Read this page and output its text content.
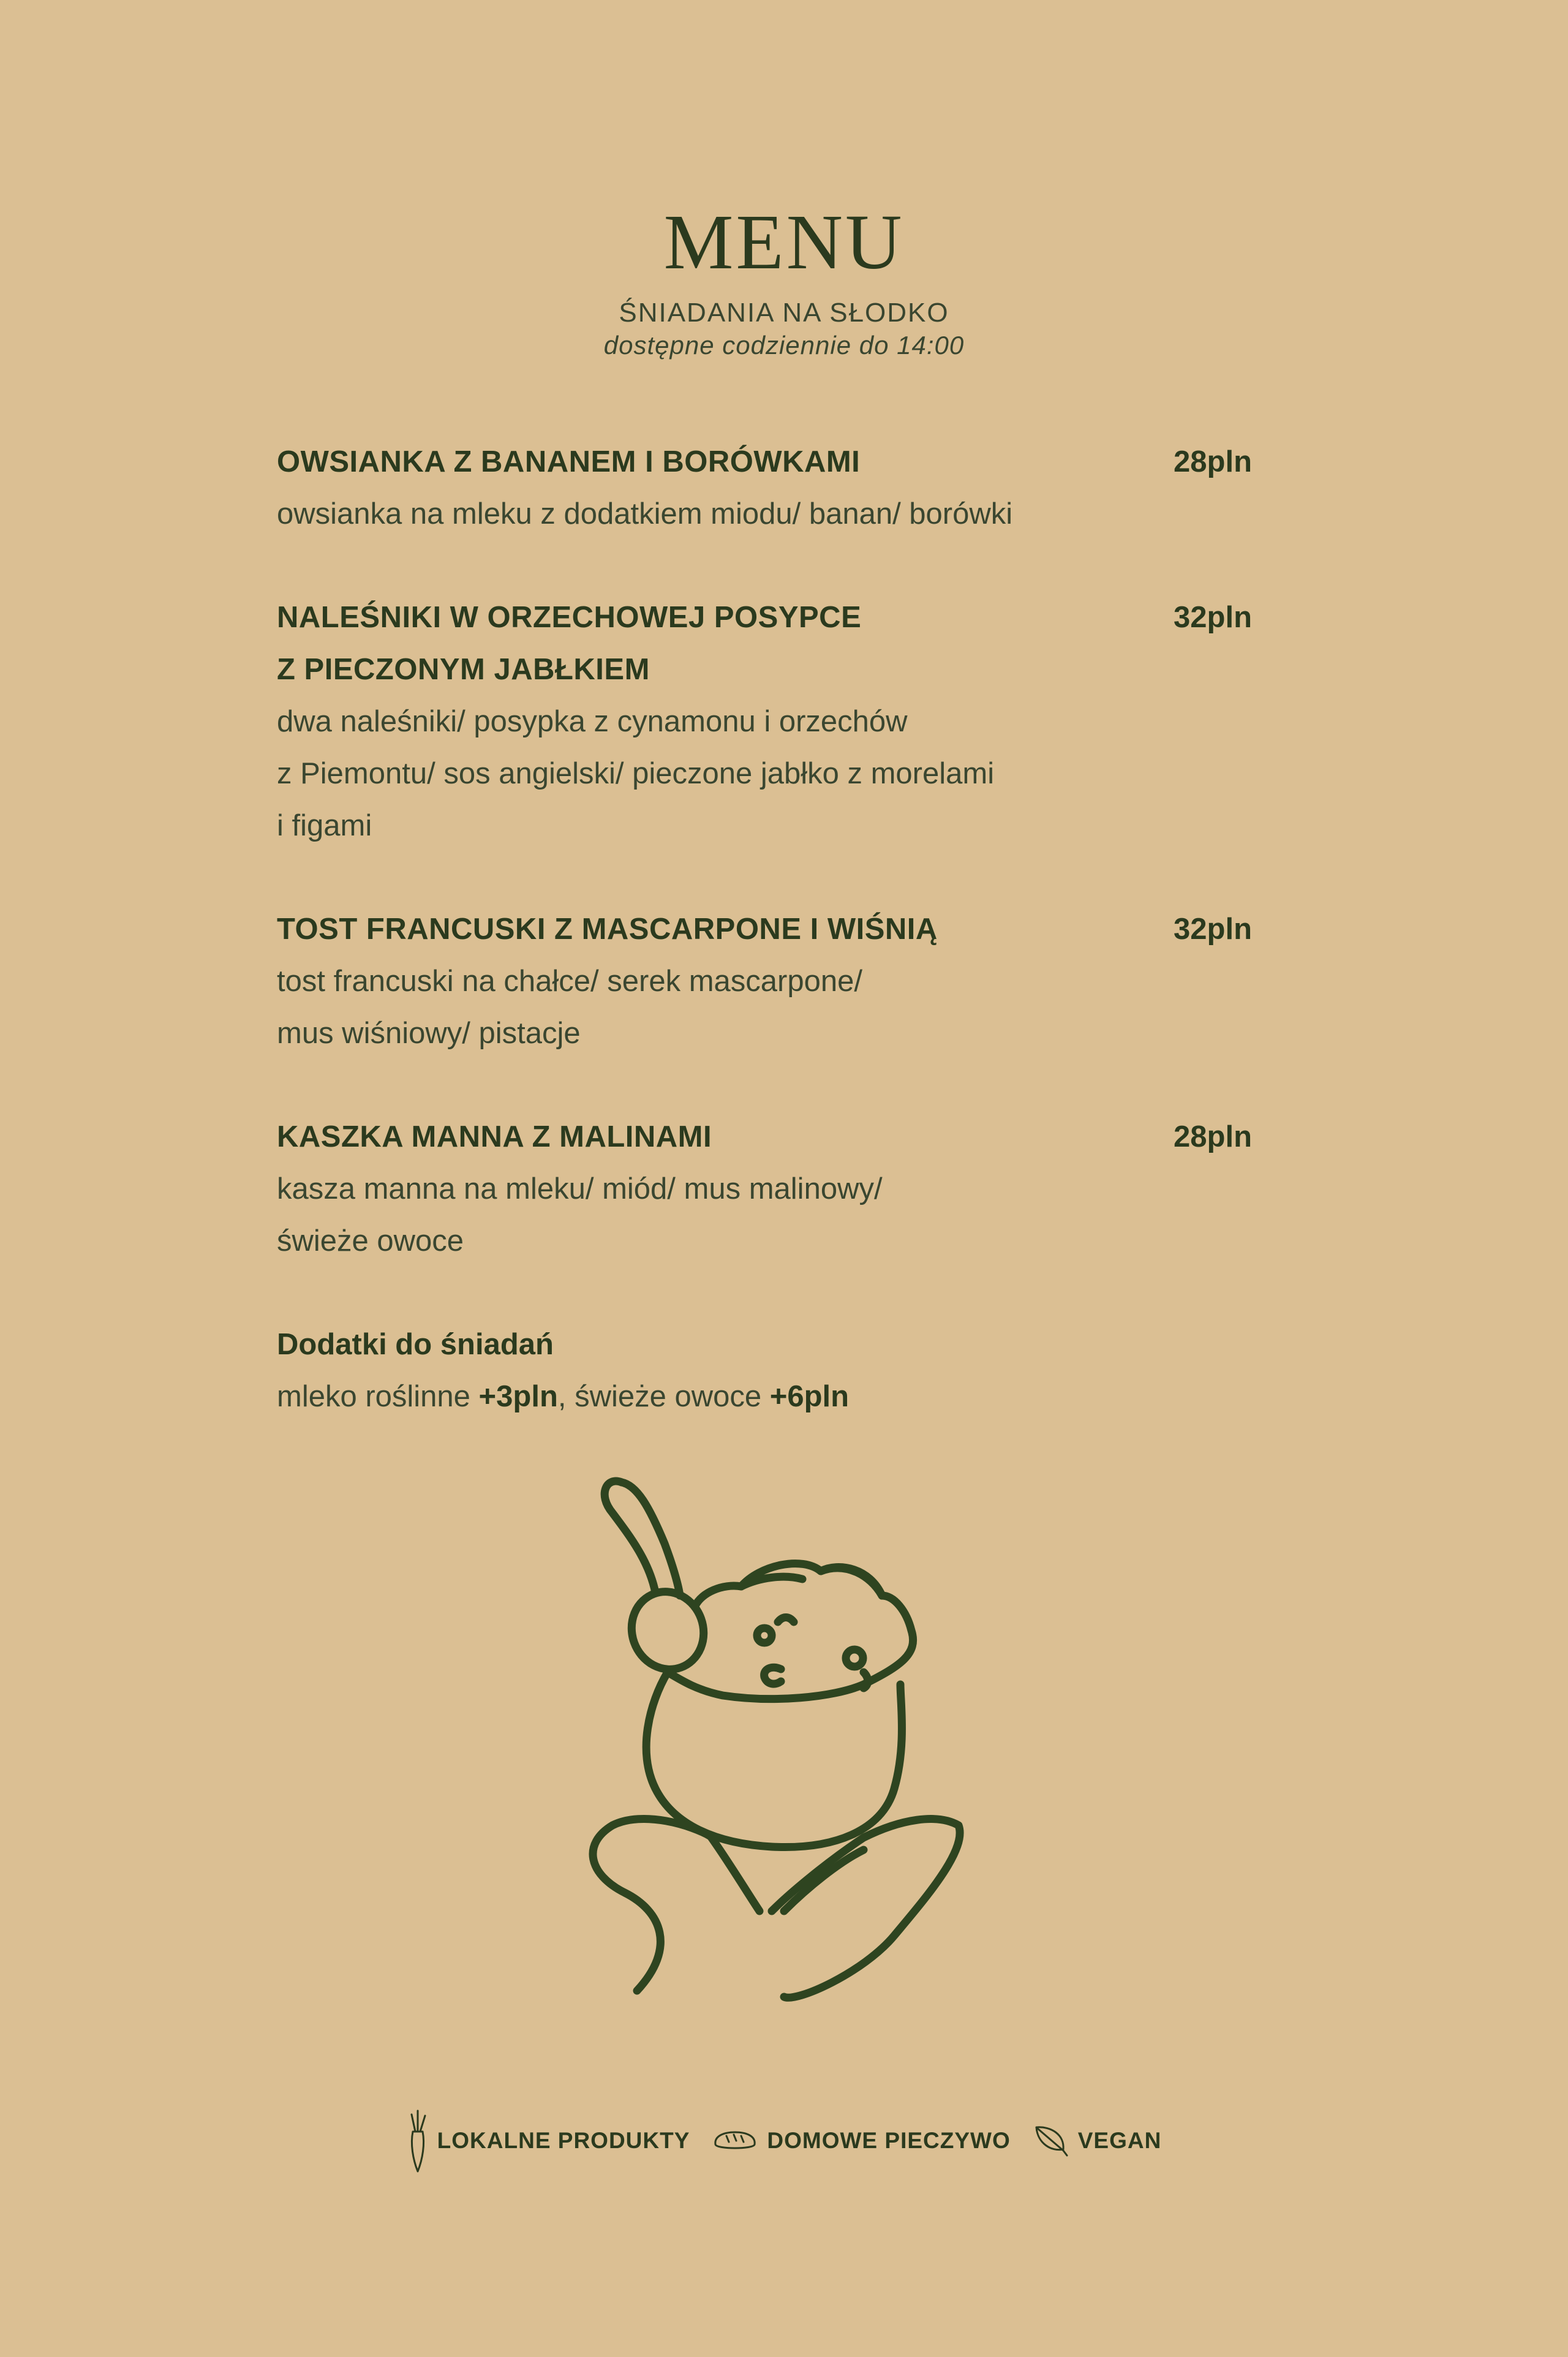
MENU
ŚNIADANIA NA SŁODKO
dostępne codziennie do 14:00
OWSIANKA Z BANANEM I BORÓWKAMI	28pln
owsianka na mleku z dodatkiem miodu/ banan/ borówki
NALEŚNIKI W ORZECHOWEJ POSYPCE
Z PIECZONYM JABŁKIEM
32pln
dwa naleśniki/ posypka z cynamonu i orzechów
z Piemontu/ sos angielski/ pieczone jabłko z morelami
i figami
TOST FRANCUSKI Z MASCARPONE I WIŚNIĄ	32pln
tost francuski na chałce/ serek mascarpone/
mus wiśniowy/ pistacje
KASZKA MANNA Z MALINAMI	28pln
kasza manna na mleku/ miód/ mus malinowy/
świeże owoce
Dodatki do śniadań
mleko roślinne +3pln, świeże owoce +6pln
LOKALNE PRODUKTY	DOMOWE PIECZYWO	VEGAN
